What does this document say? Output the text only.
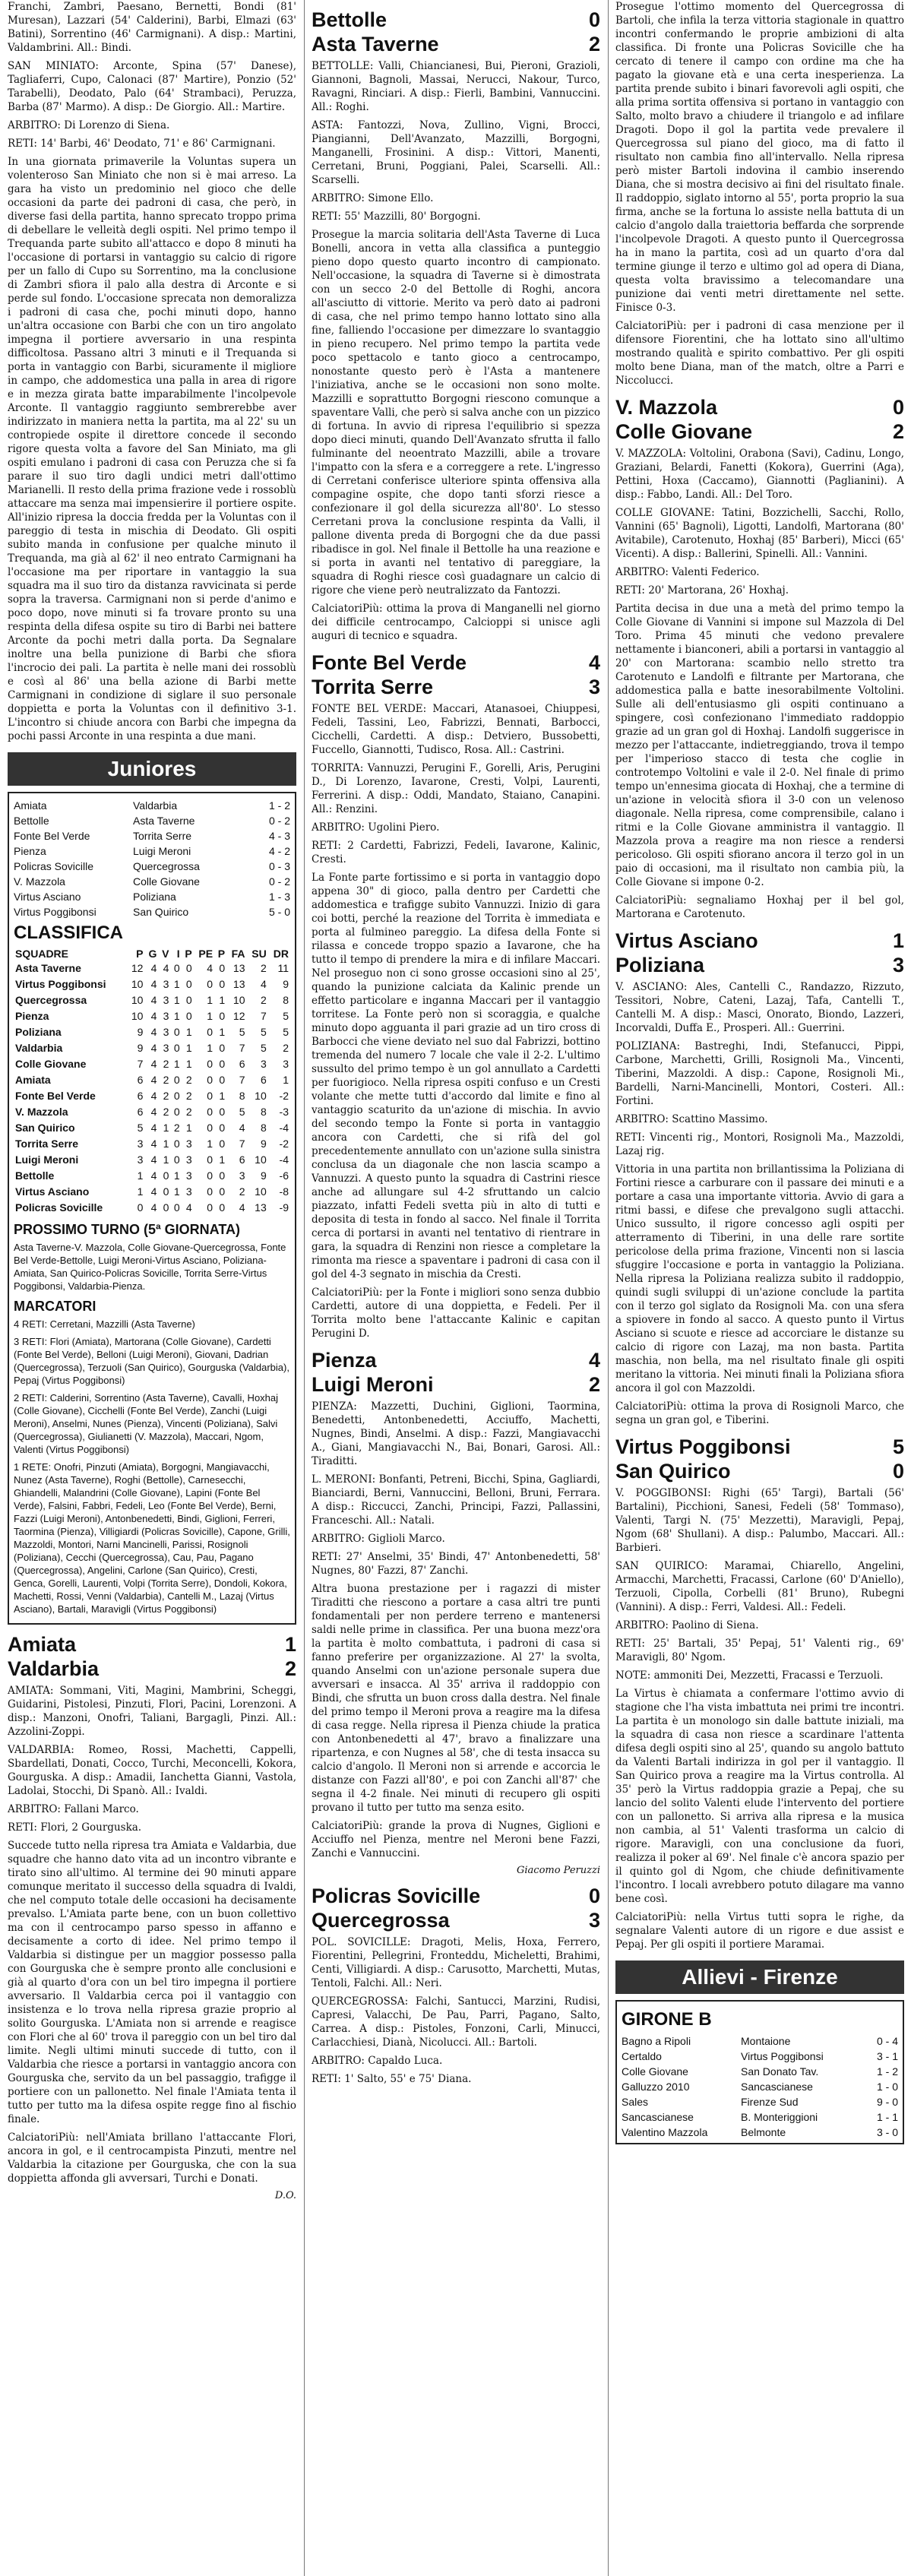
Franchi, Zambri, Paesano, Bernetti, Bondi (81' Muresan), Lazzari (54' Calderini), Barbi, Elmazi (63' Batini), Sorrentino (46' Carmignani). A disp.: Martini, Valdambrini. All.: Bindi.

SAN MINIATO: Arconte, Spina (57' Danese), Tagliaferri, Cupo, Calonaci (87' Martire), Ponzio (52' Tarabelli), Deodato, Palo (64' Strambaci), Peruzza, Barba (87' Marmo). A disp.: De Giorgio. All.: Martire.

ARBITRO: Di Lorenzo di Siena.

RETI: 14' Barbi, 46' Deodato, 71' e 86' Carmignani.

In una giornata primaverile la Voluntas supera un volenteroso San Miniato che non si è mai arreso. La gara ha visto un predominio nel gioco che delle occasioni da parte dei padroni di casa, che però, in diverse fasi della partita, hanno sprecato troppo prima di debellare le velleità degli ospiti. Nel primo tempo il Trequanda parte subito all'attacco e dopo 8 minuti ha l'occasione di portarsi in vantaggio su calcio di rigore per un fallo di Cupo su Sorrentino, ma la conclusione di Zambri sfiora il palo alla destra di Arconte e si perde sul fondo. L'occasione sprecata non demoralizza i padroni di casa che, pochi minuti dopo, hanno un'altra occasione con Barbi che con un tiro angolato impegna il portiere avversario in una respinta difficoltosa. Passano altri 3 minuti e il Trequanda si porta in vantaggio con Barbi, sicuramente il migliore in campo, che addomestica una palla in area di rigore e in mezza girata batte imparabilmente l'incolpevole Arconte. Il vantaggio raggiunto sembrerebbe aver indirizzato in maniera netta la partita, ma al 22' su un contropiede ospite il direttore concede il secondo rigore questa volta a favore del San Miniato, ma gli ospiti emulano i padroni di casa con Peruzza che si fa parare il suo tiro dagli undici metri dall'ottimo Marianelli. Il resto della prima frazione vede i rossoblù attaccare ma senza mai impensierire il portiere ospite. All'inizio ripresa la doccia fredda per la Voluntas con il pareggio di testa in mischia di Deodato. Gli ospiti subito manda in confusione per qualche minuto il Trequanda, ma già al 62' il neo entrato Carmignani ha l'occasione ma per riportare in vantaggio la sua squadra ma il suo tiro da distanza ravvicinata si perde sopra la traversa. Carmignani non si perde d'animo e poco dopo, nove minuti si fa trovare pronto su una respinta della difesa ospite su tiro di Barbi nei battere Arconte da pochi metri dalla porta. Da Segnalare inoltre una bella punizione di Barbi che sfiora l'incrocio dei pali. La partita è nelle mani dei rossoblù e così al 86' una bella azione di Barbi mette Carmignani in condizione di siglare il suo personale doppietta e porta la Voluntas con il definitivo 3-1. L'incontro si chiude ancora con Barbi che impegna da pochi passi Arconte in una respinta a due mani.

Juniores
Amiata	Valdarbia	1 - 2
Bettolle	Asta Taverne	0 - 2
Fonte Bel Verde	Torrita Serre	4 - 3
Pienza	Luigi Meroni	4 - 2
Policras Sovicille	Quercegrossa	0 - 3
V. Mazzola	Colle Giovane	0 - 2
Virtus Asciano	Poliziana	1 - 3
Virtus Poggibonsi	San Quirico	5 - 0
CLASSIFICA
SQUADRE	P	G	V	I	P	PE	P	FA	SU	DR
Asta Taverne	12	4	4	0	0	4	0	13	2	11
Virtus Poggibonsi	10	4	3	1	0	0	0	13	4	9
Quercegrossa	10	4	3	1	0	1	1	10	2	8
Pienza	10	4	3	1	0	1	0	12	7	5
Poliziana	9	4	3	0	1	0	1	5	5	5
Valdarbia	9	4	3	0	1	1	0	7	5	2
Colle Giovane	7	4	2	1	1	0	0	6	3	3
Amiata	6	4	2	0	2	0	0	7	6	1
Fonte Bel Verde	6	4	2	0	2	0	1	8	10	-2
V. Mazzola	6	4	2	0	2	0	0	5	8	-3
San Quirico	5	4	1	2	1	0	0	4	8	-4
Torrita Serre	3	4	1	0	3	1	0	7	9	-2
Luigi Meroni	3	4	1	0	3	0	1	6	10	-4
Bettolle	1	4	0	1	3	0	0	3	9	-6
Virtus Asciano	1	4	0	1	3	0	0	2	10	-8
Policras Sovicille	0	4	0	0	4	0	0	4	13	-9
PROSSIMO TURNO (5ª GIORNATA)

Asta Taverne-V. Mazzola, Colle Giovane-Quercegrossa, Fonte Bel Verde-Bettolle, Luigi Meroni-Virtus Asciano, Poliziana-Amiata, San Quirico-Policras Sovicille, Torrita Serre-Virtus Poggibonsi, Valdarbia-Pienza.

MARCATORI

4 RETI: Cerretani, Mazzilli (Asta Taverne)

3 RETI: Flori (Amiata), Martorana (Colle Giovane), Cardetti (Fonte Bel Verde), Belloni (Luigi Meroni), Giovani, Dadrian (Quercegrossa), Terzuoli (San Quirico), Gourguska (Valdarbia), Pepaj (Virtus Poggibonsi)

2 RETI: Calderini, Sorrentino (Asta Taverne), Cavalli, Hoxhaj (Colle Giovane), Cicchelli (Fonte Bel Verde), Zanchi (Luigi Meroni), Anselmi, Nunes (Pienza), Vincenti (Poliziana), Salvi (Quercegrossa), Giulianetti (V. Mazzola), Maccari, Ngom, Valenti (Virtus Poggibonsi)

1 RETE: Onofri, Pinzuti (Amiata), Borgogni, Mangiavacchi, Nunez (Asta Taverne), Roghi (Bettolle), Carnesecchi, Ghiandelli, Malandrini (Colle Giovane), Lapini (Fonte Bel Verde), Falsini, Fabbri, Fedeli, Leo (Fonte Bel Verde), Berni, Fazzi (Luigi Meroni), Antonbenedetti, Bindi, Giglioni, Ferreri, Taormina (Pienza), Villigiardi (Policras Sovicille), Capone, Grilli, Mazzoldi, Montori, Narni Mancinelli, Parissi, Rosignoli (Poliziana), Cecchi (Quercegrossa), Cau, Pau, Pagano (Quercegrossa), Angelini, Carlone (San Quirico), Cresti, Genca, Gorelli, Laurenti, Volpi (Torrita Serre), Dondoli, Kokora, Machetti, Rossi, Venni (Valdarbia), Cantelli M., Lazaj (Virtus Asciano), Bartali, Maravigli (Virtus Poggibonsi)

Amiata	1
Valdarbia	2

AMIATA: Sommani, Viti, Magini, Mambrini, Scheggi, Guidarini, Pistolesi, Pinzuti, Flori, Pacini, Lorenzoni. A disp.: Manzoni, Onofri, Taliani, Bargagli, Pinzi. All.: Azzolini-Zoppi.

VALDARBIA: Romeo, Rossi, Machetti, Cappelli, Sbardellati, Donati, Cocco, Turchi, Meconcelli, Kokora, Gourguska. A disp.: Amadii, Ianchetta Gianni, Vastola, Ladolai, Stocchi, Di Spanò. All.: Ivaldi.

ARBITRO: Fallani Marco.

RETI: Flori, 2 Gourguska.

Succede tutto nella ripresa tra Amiata e Valdarbia, due squadre che hanno dato vita ad un incontro vibrante e tirato sino all'ultimo. Al termine dei 90 minuti appare comunque meritato il successo della squadra di Ivaldi, che nel computo totale delle occasioni ha decisamente prevalso. L'Amiata parte bene, con un buon collettivo ma con il centrocampo parso spesso in affanno e decisamente a corto di idee. Nel primo tempo il Valdarbia si distingue per un maggior possesso palla con Gourguska che è sempre pronto alle conclusioni e già al quarto d'ora con un bel tiro impegna il portiere avversario. Il Valdarbia cerca poi il vantaggio con insistenza e lo trova nella ripresa grazie proprio al solito Gourguska. L'Amiata non si arrende e reagisce con Flori che al 60' trova il pareggio con un bel tiro dal limite. Negli ultimi minuti succede di tutto, con il Valdarbia che riesce a portarsi in vantaggio ancora con Gourguska che, servito da un bel passaggio, trafigge il portiere con un pallonetto. Nel finale l'Amiata tenta il tutto per tutto ma la difesa ospite regge fino al fischio finale.

CalciatoriPiù: nell'Amiata brillano l'attaccante Flori, ancora in gol, e il centrocampista Pinzuti, mentre nel Valdarbia la citazione per Gourguska, che con la sua doppietta affonda gli avversari, Turchi e Donati.

D.O.
Bettolle	0
Asta Taverne	2

BETTOLLE: Valli, Chiancianesi, Bui, Pieroni, Grazioli, Giannoni, Bagnoli, Massai, Nerucci, Nakour, Turco, Ravagni, Rinciari. A disp.: Fierli, Bambini, Vannuccini. All.: Roghi.

ASTA: Fantozzi, Nova, Zullino, Vigni, Brocci, Piangianni, Dell'Avanzato, Mazzilli, Borgogni, Manganelli, Frosinini. A disp.: Vittori, Manenti, Cerretani, Bruni, Poggiani, Palei, Scarselli. All.: Scarselli.

ARBITRO: Simone Ello.

RETI: 55' Mazzilli, 80' Borgogni.

Prosegue la marcia solitaria dell'Asta Taverne di Luca Bonelli, ancora in vetta alla classifica a punteggio pieno dopo questo quarto incontro di campionato. Nell'occasione, la squadra di Taverne si è dimostrata con un secco 2-0 del Bettolle di Roghi, ancora all'asciutto di vittorie. Merito va però dato ai padroni di casa, che nel primo tempo hanno lottato sino alla fine, falliendo l'occasione per dimezzare lo svantaggio in pieno recupero. Nel primo tempo la partita vede poco spettacolo e tanto gioco a centrocampo, nonostante questo però è l'Asta a mantenere l'iniziativa, anche se le occasioni non sono molte. Mazzilli e soprattutto Borgogni riescono comunque a spaventare Valli, che però si salva anche con un pizzico di fortuna. In avvio di ripresa l'equilibrio si spezza dopo dieci minuti, quando Dell'Avanzato sfrutta il fallo fulminante del neoentrato Mazzilli, abile a trovare l'impatto con la sfera e a correggere a rete. L'ingresso di Cerretani conferisce ulteriore spinta offensiva alla compagine ospite, che dopo tanti sforzi riesce a confezionare il gol della sicurezza all'80'. Lo stesso Cerretani prova la conclusione respinta da Valli, il pallone diventa preda di Borgogni che da due passi ribadisce in gol. Nel finale il Bettolle ha una reazione e si porta in avanti nel tentativo di pareggiare, la squadra di Roghi riesce così guadagnare un calcio di rigore che viene però neutralizzato da Fantozzi.

CalciatoriPiù: ottima la prova di Manganelli nel giorno dei difficile centrocampo, Calcioppi si unisce agli auguri di tecnico e squadra.

Fonte Bel Verde	4
Torrita Serre	3

FONTE BEL VERDE: Maccari, Atanasoei, Chiuppesi, Fedeli, Tassini, Leo, Fabrizzi, Bennati, Barbocci, Cicchelli, Cardetti. A disp.: Detviero, Bussobetti, Fuccello, Giannotti, Tudisco, Rosa. All.: Castrini.

TORRITA: Vannuzzi, Perugini F., Gorelli, Aris, Perugini D., Di Lorenzo, Iavarone, Cresti, Volpi, Laurenti, Ferrerini. A disp.: Oddi, Mandato, Staiano, Canapini. All.: Renzini.

ARBITRO: Ugolini Piero.

RETI: 2 Cardetti, Fabrizzi, Fedeli, Iavarone, Kalinic, Cresti.

La Fonte parte fortissimo e si porta in vantaggio dopo appena 30" di gioco, palla dentro per Cardetti che addomestica e trafigge subito Vannuzzi. Inizio di gara coi botti, perché la reazione del Torrita è immediata e porta al fulmineo pareggio. La difesa della Fonte si rilassa e concede troppo spazio a Iavarone, che ha tutto il tempo di prendere la mira e di infilare Maccari. Nel proseguo non ci sono grosse occasioni sino al 25', quando la punizione calciata da Kalinic prende un effetto particolare e inganna Maccari per il vantaggio torritese. La Fonte però non si scoraggia, e qualche minuto dopo agguanta il pari grazie ad un tiro cross di Barbocci che viene deviato nel suo dal Fabrizzi, bottino tremenda del numero 7 locale che vale il 2-2. L'ultimo sussulto del primo tempo è un gol annullato a Cardetti per fuorigioco. Nella ripresa ospiti confuso e un Cresti volante che mette tutti d'accordo dal limite e fino al vantaggio scaturito da un'azione di mischia. In avvio del secondo tempo la Fonte si porta in vantaggio ancora con Cardetti, che si rifà del gol precedentemente annullato con un'azione sulla sinistra conclusa da un diagonale che non lascia scampo a Vannuzzi. A questo punto la squadra di Castrini riesce anche ad allungare sul 4-2 sfruttando un calcio piazzato, infatti Fedeli svetta più in alto di tutti e deposita di testa in fondo al sacco. Nel finale il Torrita cerca di portarsi in avanti nel tentativo di rientrare in gara, la squadra di Renzini non riesce a completare la rimonta ma riesce a spaventare i padroni di casa con il gol del 4-3 segnato in mischia da Cresti.

CalciatoriPiù: per la Fonte i migliori sono senza dubbio Cardetti, autore di una doppietta, e Fedeli. Per il Torrita molto bene l'attaccante Kalinic e capitan Perugini D.

Pienza	4
Luigi Meroni	2

PIENZA: Mazzetti, Duchini, Giglioni, Taormina, Benedetti, Antonbenedetti, Acciuffo, Machetti, Nugnes, Bindi, Anselmi. A disp.: Fazzi, Mangiavacchi A., Giani, Mangiavacchi N., Bai, Bonari, Garosi. All.: Tiraditti.

L. MERONI: Bonfanti, Petreni, Bicchi, Spina, Gagliardi, Bianciardi, Berni, Vannuccini, Belloni, Bruni, Ferrara. A disp.: Riccucci, Zanchi, Principi, Fazzi, Pallassini, Franceschi. All.: Natali.

ARBITRO: Giglioli Marco.

RETI: 27' Anselmi, 35' Bindi, 47' Antonbenedetti, 58' Nugnes, 80' Fazzi, 87' Zanchi.

Altra buona prestazione per i ragazzi di mister Tiraditti che riescono a portare a casa altri tre punti fondamentali per non perdere terreno e mantenersi saldi nelle prime in classifica. Per una buona mezz'ora la partita è molto combattuta, i padroni di casa si fanno preferire per organizzazione. Al 27' la svolta, quando Anselmi con un'azione personale supera due avversari e insacca. Al 35' arriva il raddoppio con Bindi, che sfrutta un buon cross dalla destra. Nel finale del primo tempo il Meroni prova a reagire ma la difesa di casa regge. Nella ripresa il Pienza chiude la pratica con Antonbenedetti al 47', bravo a finalizzare una ripartenza, e con Nugnes al 58', che di testa insacca su calcio d'angolo. Il Meroni non si arrende e accorcia le distanze con Fazzi all'80', e poi con Zanchi all'87' che segna il 4-2 finale. Nei minuti di recupero gli ospiti provano il tutto per tutto ma senza esito.

CalciatoriPiù: grande la prova di Nugnes, Giglioni e Acciuffo nel Pienza, mentre nel Meroni bene Fazzi, Zanchi e Vannuccini.

Giacomo Peruzzi
Policras Sovicille	0
Quercegrossa	3

POL. SOVICILLE: Dragoti, Melis, Hoxa, Ferrero, Fiorentini, Pellegrini, Fronteddu, Micheletti, Brahimi, Centi, Villigiardi. A disp.: Carusotto, Marchetti, Mutas, Tentoli, Falchi. All.: Neri.

QUERCEGROSSA: Falchi, Santucci, Marzini, Rudisi, Capresi, Valacchi, De Pau, Parri, Pagano, Salto, Carrea. A disp.: Pistoles, Fonzoni, Carli, Minucci, Carlacchiesi, Dianà, Nicolucci. All.: Bartoli.

ARBITRO: Capaldo Luca.

RETI: 1' Salto, 55' e 75' Diana.

Prosegue l'ottimo momento del Quercegrossa di Bartoli, che infila la terza vittoria stagionale in quattro incontri confermando le proprie ambizioni di alta classifica. Di fronte una Policras Sovicille che ha cercato di tenere il campo con ordine ma che ha pagato la giovane età e una certa inesperienza. La partita prende subito i binari favorevoli agli ospiti, che alla prima sortita offensiva si portano in vantaggio con Salto, molto bravo a chiudere il triangolo e ad infilare Dragoti. Dopo il gol la partita vede prevalere il Quercegrossa sul piano del gioco, ma di fatto il risultato non cambia fino all'intervallo. Nella ripresa però mister Bartoli indovina il cambio inserendo Diana, che si mostra decisivo ai fini del risultato finale. Il raddoppio, siglato intorno al 55', porta proprio la sua firma, anche se la fortuna lo assiste nella battuta di un calcio d'angolo dalla traiettoria beffarda che sorprende l'incolpevole Dragoti. A questo punto il Quercegrossa ha in mano la partita, così ad un quarto d'ora dal termine giunge il terzo e ultimo gol ad opera di Diana, questa volta bravissimo a telecomandare una punizione dai venti metri direttamente nel sette. Finisce 0-3.

CalciatoriPiù: per i padroni di casa menzione per il difensore Fiorentini, che ha lottato sino all'ultimo mostrando qualità e spirito combattivo. Per gli ospiti molto bene Diana, man of the match, oltre a Parri e Niccolucci.

V. Mazzola	0
Colle Giovane	2

V. MAZZOLA: Voltolini, Orabona (Savi), Cadinu, Longo, Graziani, Belardi, Fanetti (Kokora), Guerrini (Aga), Pettini, Hoxa (Caccamo), Giannotti (Paglianini). A disp.: Fabbo, Landi. All.: Del Toro.

COLLE GIOVANE: Tatini, Bozzichelli, Sacchi, Rollo, Vannini (65' Bagnoli), Ligotti, Landolfi, Martorana (80' Avitabile), Carotenuto, Hoxhaj (85' Barberi), Micci (65' Vicenti). A disp.: Ballerini, Spinelli. All.: Vannini.

ARBITRO: Valenti Federico.

RETI: 20' Martorana, 26' Hoxhaj.

Partita decisa in due una a metà del primo tempo la Colle Giovane di Vannini si impone sul Mazzola di Del Toro. Prima 45 minuti che vedono prevalere nettamente i bianconeri, abili a portarsi in vantaggio al 20' con Martorana: scambio nello stretto tra Carotenuto e Landolfi e filtrante per Martorana, che addomestica palla e batte inesorabilmente Voltolini. Sulle ali dell'entusiasmo gli ospiti continuano a spingere, così confezionano l'immediato raddoppio grazie ad un gran gol di Hoxhaj. Landolfi suggerisce in mezzo per l'attaccante, indietreggiando, trova il tempo per l'imperioso stacco di testa che coglie in controtempo Voltolini e vale il 2-0. Nel finale di primo tempo un'ennesima giocata di Hoxhaj, che a termine di un'azione in velocità sfiora il 3-0 con un velenoso diagonale. Nella ripresa, come comprensibile, calano i ritmi e la Colle Giovane amministra il vantaggio. Il Mazzola prova a reagire ma non riesce a rendersi pericoloso. Gli ospiti sfiorano ancora il terzo gol in un paio di occasioni, ma il risultato non cambia più, la Colle Giovane si impone 0-2.

CalciatoriPiù: segnaliamo Hoxhaj per il bel gol, Martorana e Carotenuto.

Virtus Asciano	1
Poliziana	3

V. ASCIANO: Ales, Cantelli C., Randazzo, Rizzuto, Tessitori, Nobre, Cateni, Lazaj, Tafa, Cantelli T., Cantelli M. A disp.: Masci, Onorato, Biondo, Lazzeri, Incorvaldi, Duffa E., Prosperi. All.: Guerrini.

POLIZIANA: Bastreghi, Indi, Stefanucci, Pippi, Carbone, Marchetti, Grilli, Rosignoli Ma., Vincenti, Tiberini, Mazzoldi. A disp.: Capone, Rosignoli Mi., Bardelli, Narni-Mancinelli, Montori, Costeri. All.: Fortini.

ARBITRO: Scattino Massimo.

RETI: Vincenti rig., Montori, Rosignoli Ma., Mazzoldi, Lazaj rig.

Vittoria in una partita non brillantissima la Poliziana di Fortini riesce a carburare con il passare dei minuti e a portare a casa una importante vittoria. Avvio di gara a ritmi bassi, e difese che prevalgono sugli attacchi. Unico sussulto, il rigore concesso agli ospiti per atterramento di Tiberini, in una delle rare sortite pericolose della prima frazione, Vincenti non si lascia sfuggire l'occasione e porta in vantaggio la Poliziana. Nella ripresa la Poliziana realizza subito il raddoppio, quindi sugli sviluppi di un'azione conclude la partita con il terzo gol siglato da Rosignoli Ma. con una sfera a spiovere in fondo al sacco. A questo punto il Virtus Asciano si scuote e riesce ad accorciare le distanze su calcio di rigore con Lazaj, ma non basta. Partita maschia, non bella, ma nel risultato finale gli ospiti meritano la vittoria. Nei minuti finali la Poliziana sfiora ancora il gol con Mazzoldi.

CalciatoriPiù: ottima la prova di Rosignoli Marco, che segna un gran gol, e Tiberini.

Virtus Poggibonsi	5
San Quirico	0

V. POGGIBONSI: Righi (65' Targi), Bartali (56' Bartalini), Picchioni, Sanesi, Fedeli (58' Tommaso), Valenti, Targi N. (75' Mezzetti), Maravigli, Pepaj, Ngom (68' Shullani). A disp.: Palumbo, Maccari. All.: Barbieri.

SAN QUIRICO: Maramai, Chiarello, Angelini, Armacchi, Marchetti, Fracassi, Carlone (60' D'Aniello), Terzuoli, Cipolla, Corbelli (81' Bruno), Rubegni (Vannini). A disp.: Ferri, Valdesi. All.: Fedeli.

ARBITRO: Paolino di Siena.

RETI: 25' Bartali, 35' Pepaj, 51' Valenti rig., 69' Maravigli, 80' Ngom.

NOTE: ammoniti Dei, Mezzetti, Fracassi e Terzuoli.

La Virtus è chiamata a confermare l'ottimo avvio di stagione che l'ha vista imbattuta nei primi tre incontri. La partita è un monologo sin dalle battute iniziali, ma la squadra di casa non riesce a scardinare l'attenta difesa degli ospiti sino al 25', quando su angolo battuto da Valenti Bartali indirizza in gol per il vantaggio. Il San Quirico prova a reagire ma la Virtus controlla. Al 35' però la Virtus raddoppia grazie a Pepaj, che su lancio del solito Valenti elude l'intervento del portiere con un pallonetto. Si arriva alla ripresa e la musica non cambia, al 51' Valenti trasforma un calcio di rigore. Maravigli, con una conclusione da fuori, realizza il poker al 69'. Nel finale c'è ancora spazio per il quinto gol di Ngom, che chiude definitivamente l'incontro. I locali avrebbero potuto dilagare ma vanno bene così.

CalciatoriPiù: nella Virtus tutti sopra le righe, da segnalare Valenti autore di un rigore e due assist e Pepaj. Per gli ospiti il portiere Maramai.

Allievi - Firenze
GIRONE B
Bagno a Ripoli	Montaione	0 - 4
Certaldo	Virtus Poggibonsi	3 - 1
Colle Giovane	San Donato Tav.	1 - 2
Galluzzo 2010	Sancascianese	1 - 0
Sales	Firenze Sud	9 - 0
Sancascianese	B. Monteriggioni	1 - 1
Valentino Mazzola	Belmonte	3 - 0
